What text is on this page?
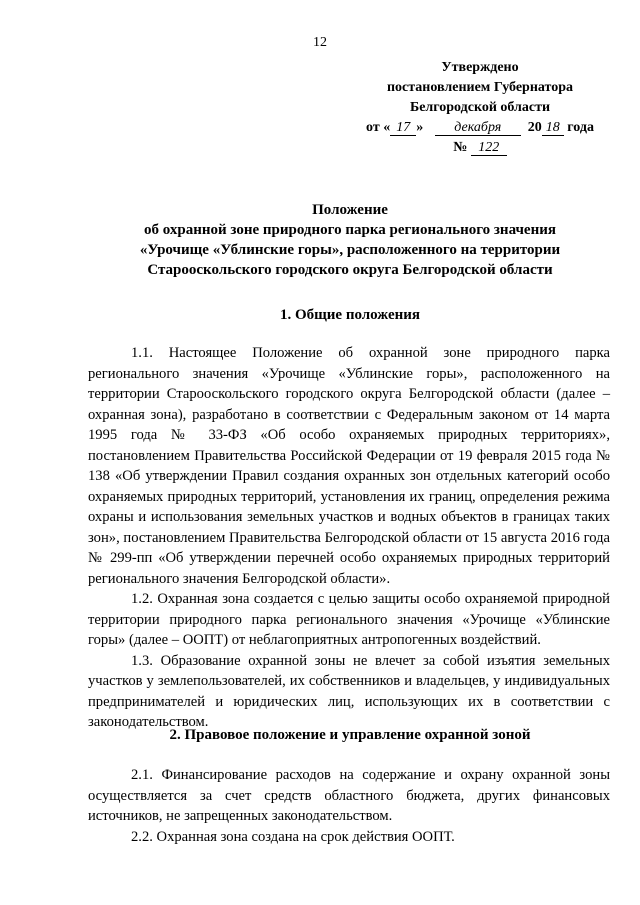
12
Утверждено
постановлением Губернатора
Белгородской области
от « 17 » декабря 20 18 года
№ 122
Положение
об охранной зоне природного парка регионального значения
«Урочище «Ублинские горы», расположенного на территории
Старооскольского городского округа Белгородской области
1. Общие положения

1.1. Настоящее Положение об охранной зоне природного парка регионального значения «Урочище «Ублинские горы», расположенного на территории Старооскольского городского округа Белгородской области (далее – охранная зона), разработано в соответствии с Федеральным законом от 14 марта 1995 года № 33-ФЗ «Об особо охраняемых природных территориях», постановлением Правительства Российской Федерации от 19 февраля 2015 года № 138 «Об утверждении Правил создания охранных зон отдельных категорий особо охраняемых природных территорий, установления их границ, определения режима охраны и использования земельных участков и водных объектов в границах таких зон», постановлением Правительства Белгородской области от 15 августа 2016 года № 299-пп «Об утверждении перечней особо охраняемых природных территорий регионального значения Белгородской области».

1.2. Охранная зона создается с целью защиты особо охраняемой природной территории природного парка регионального значения «Урочище «Ублинские горы» (далее – ООПТ) от неблагоприятных антропогенных воздействий.

1.3. Образование охранной зоны не влечет за собой изъятия земельных участков у землепользователей, их собственников и владельцев, у индивидуальных предпринимателей и юридических лиц, использующих их в соответствии с законодательством.

2. Правовое положение и управление охранной зоной

2.1. Финансирование расходов на содержание и охрану охранной зоны осуществляется за счет средств областного бюджета, других финансовых источников, не запрещенных законодательством.

2.2. Охранная зона создана на срок действия ООПТ.
